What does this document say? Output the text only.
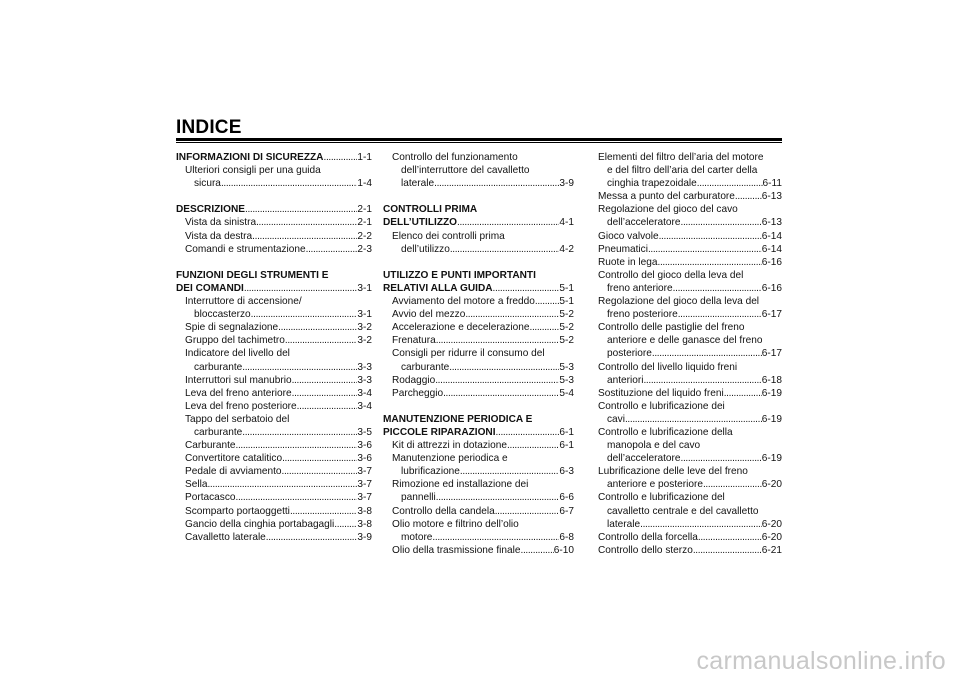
INDICE
INFORMAZIONI DI SICUREZZA . . .	1-1
Ulteriori consigli per una guida
sicura . . .	1-4
DESCRIZIONE . . .	2-1
Vista da sinistra . . .	2-1
Vista da destra . . .	2-2
Comandi e strumentazione . . .	2-3
FUNZIONI DEGLI STRUMENTI E
DEI COMANDI . . .	3-1
Interruttore di accensione/
bloccasterzo . . .	3-1
Spie di segnalazione . . .	3-2
Gruppo del tachimetro . . .	3-2
Indicatore del livello del
carburante . . .	3-3
Interruttori sul manubrio . . .	3-3
Leva del freno anteriore . . .	3-4
Leva del freno posteriore . . .	3-4
Tappo del serbatoio del
carburante . . .	3-5
Carburante . . .	3-6
Convertitore catalitico . . .	3-6
Pedale di avviamento . . .	3-7
Sella . . .	3-7
Portacasco . . .	3-7
Scomparto portaoggetti . . .	3-8
Gancio della cinghia portabagagli . . . 3-8
Cavalletto laterale . . .	3-9
Controllo del funzionamento
dell’interruttore del cavalletto
laterale . . .	3-9
CONTROLLI PRIMA
DELL’UTILIZZO . . .	4-1
Elenco dei controlli prima
dell’utilizzo . . .	4-2
UTILIZZO E PUNTI IMPORTANTI
RELATIVI ALLA GUIDA . . .	5-1
Avviamento del motore a freddo . . . 5-1
Avvio del mezzo . . .	5-2
Accelerazione e decelerazione . . .	5-2
Frenatura . . .	5-2
Consigli per ridurre il consumo del
carburante . . .	5-3
Rodaggio . . .	5-3
Parcheggio . . .	5-4
MANUTENZIONE PERIODICA E
PICCOLE RIPARAZIONI . . .	6-1
Kit di attrezzi in dotazione . . .	6-1
Manutenzione periodica e
lubrificazione . . .	6-3
Rimozione ed installazione dei
pannelli . . .	6-6
Controllo della candela . . .	6-7
Olio motore e filtrino dell’olio
motore . . .	6-8
Olio della trasmissione finale . . .	6-10
Elementi del filtro dell’aria del motore
e del filtro dell’aria del carter della
cinghia trapezoidale . . .	6-11
Messa a punto del carburatore . . .	6-13
Regolazione del gioco del cavo
dell’acceleratore . . .	6-13
Gioco valvole . . .	6-14
Pneumatici . . .	6-14
Ruote in lega . . .	6-16
Controllo del gioco della leva del
freno anteriore . . .	6-16
Regolazione del gioco della leva del
freno posteriore . . .	6-17
Controllo delle pastiglie del freno
anteriore e delle ganasce del freno
posteriore . . .	6-17
Controllo del livello liquido freni
anteriori . . .	6-18
Sostituzione del liquido freni . . .	6-19
Controllo e lubrificazione dei
cavi . . .	6-19
Controllo e lubrificazione della
manopola e del cavo
dell’acceleratore . . .	6-19
Lubrificazione delle leve del freno
anteriore e posteriore . . .	6-20
Controllo e lubrificazione del
cavalletto centrale e del cavalletto
laterale . . .	6-20
Controllo della forcella . . .	6-20
Controllo dello sterzo . . .	6-21
carmanualsonline.info
